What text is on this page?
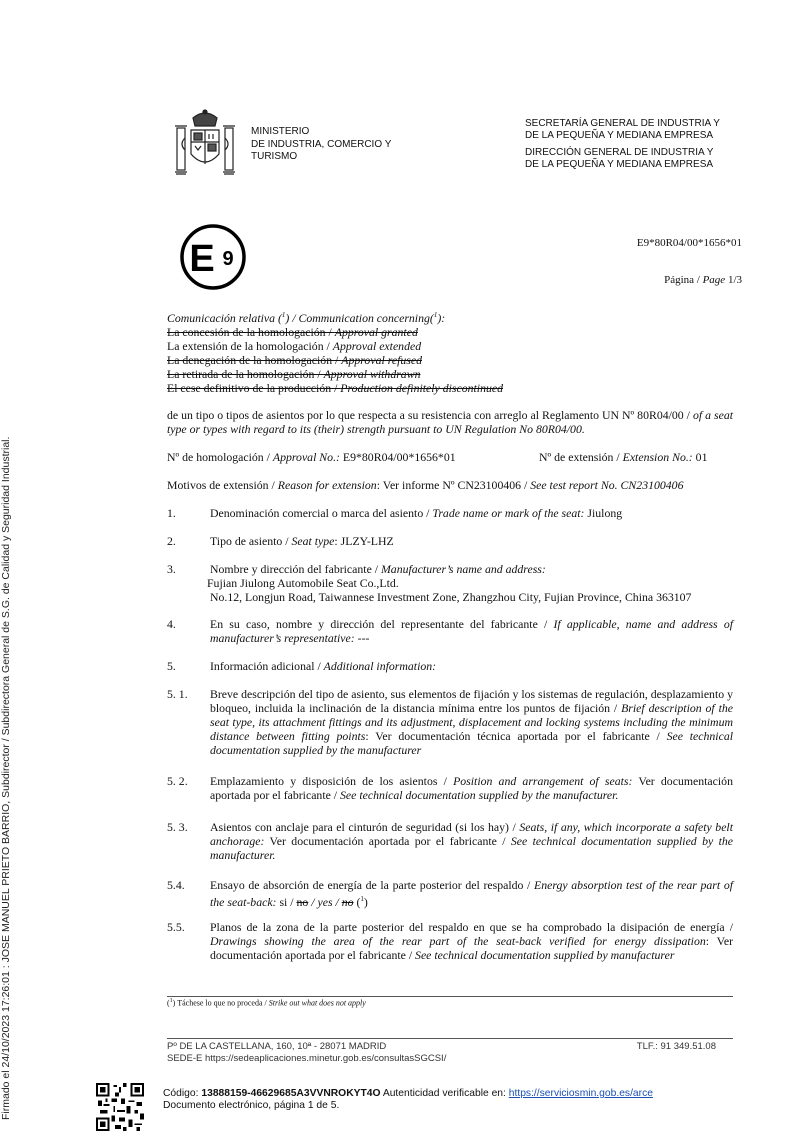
MINISTERIO
DE INDUSTRIA, COMERCIO Y
TURISMO
SECRETARÍA GENERAL DE INDUSTRIA Y
DE LA PEQUEÑA Y MEDIANA EMPRESA
DIRECCIÓN GENERAL DE INDUSTRIA Y
DE LA PEQUEÑA Y MEDIANA EMPRESA
E 9
E9*80R04/00*1656*01
Página / Page 1/3
Comunicación relativa ($^1$) / Communication concerning($^1$):
La concesión de la homologación / Approval granted
La extensión de la homologación / Approval extended
La denegación de la homologación / Approval refused
La retirada de la homologación / Approval withdrawn
El cese definitivo de la producción / Production definitely discontinued
de un tipo o tipos de asientos por lo que respecta a su resistencia con arreglo al Reglamento UN Nº 80R04/00 / of a seat type or types with regard to its (their) strength pursuant to UN Regulation No 80R04/00.
Nº de homologación / Approval No.: E9*80R04/00*1656*01	Nº de extensión / Extension No.: 01
Motivos de extensión / Reason for extension: Ver informe Nº CN23100406 / See test report No. CN23100406
1.	Denominación comercial o marca del asiento / Trade name or mark of the seat: Jiulong
2.	Tipo de asiento / Seat type: JLZY-LHZ
3.	Nombre y dirección del fabricante / Manufacturer’s name and address:
Fujian Jiulong Automobile Seat Co.,Ltd.
No.12, Longjun Road, Taiwannese Investment Zone, Zhangzhou City, Fujian Province, China 363107
4.	En su caso, nombre y dirección del representante del fabricante / If applicable, name and address of manufacturer’s representative: ---
5.	Información adicional / Additional information:
5. 1. Breve descripción del tipo de asiento, sus elementos de fijación y los sistemas de regulación, desplazamiento y bloqueo, incluida la inclinación de la distancia mínima entre los puntos de fijación / Brief description of the seat type, its attachment fittings and its adjustment, displacement and locking systems including the minimum distance between fitting points: Ver documentación técnica aportada por el fabricante / See technical documentation supplied by the manufacturer
5. 2. Emplazamiento y disposición de los asientos / Position and arrangement of seats: Ver documentación aportada por el fabricante / See technical documentation supplied by the manufacturer.
5. 3. Asientos con anclaje para el cinturón de seguridad (si los hay) / Seats, if any, which incorporate a safety belt anchorage: Ver documentación aportada por el fabricante / See technical documentation supplied by the manufacturer.
5.4. Ensayo de absorción de energía de la parte posterior del respaldo / Energy absorption test of the rear part of the seat-back: si / no / yes / no ($^1$)
5.5. Planos de la zona de la parte posterior del respaldo en que se ha comprobado la disipación de energía / Drawings showing the area of the rear part of the seat-back verified for energy dissipation: Ver documentación aportada por el fabricante / See technical documentation supplied by manufacturer
($^1$) Táchese lo que no proceda / Strike out what does not apply
Pº DE LA CASTELLANA, 160, 10ª - 28071 MADRID	TLF.: 91 349.51.08
SEDE-E https://sedeaplicaciones.minetur.gob.es/consultasSGCSI/
Firmado el 24/10/2023 17:26:01 : JOSE MANUEL PRIETO BARRIO, Subdirector / Subdirectora General de S.G. de Calidad y Seguridad Industrial.	Código: 13888159-46629685A3VVNROKYT4O Autenticidad verificable en: https://serviciosmin.gob.es/arce
Documento electrónico, página 1 de 5.
